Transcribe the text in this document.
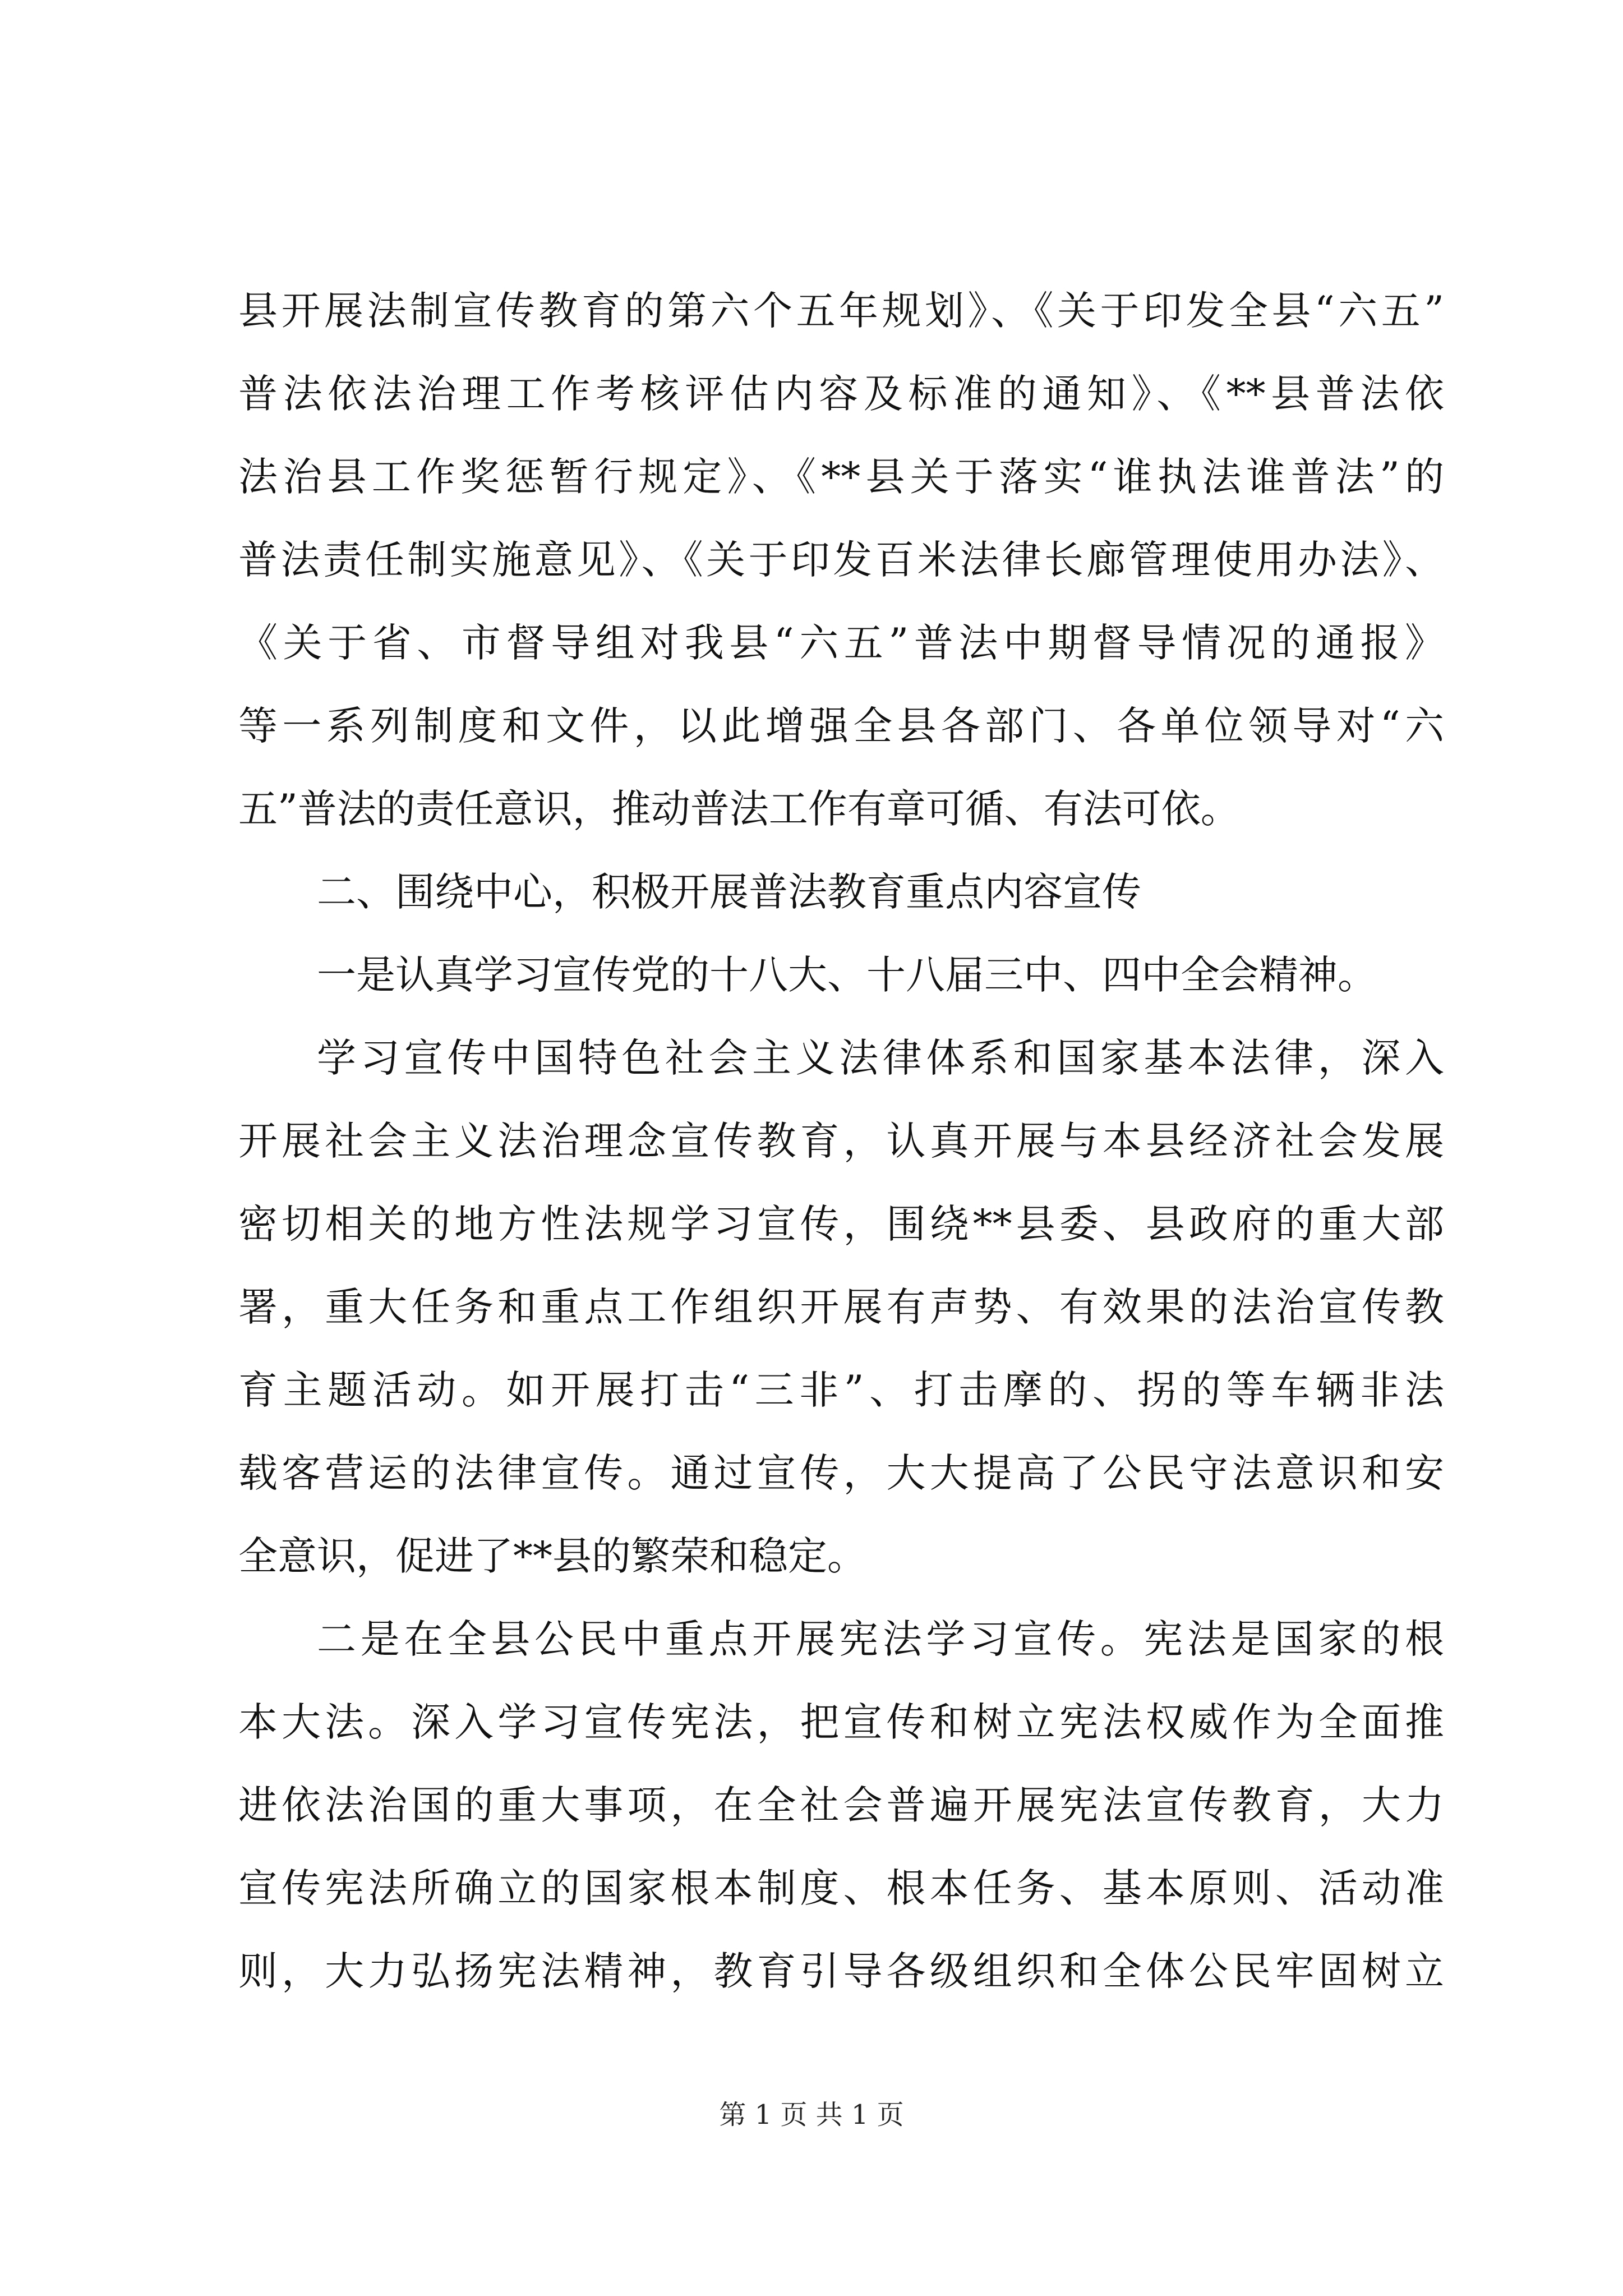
县开展法制宣传教育的第六个五年规划》、《关于印发全县“六五”
普法依法治理工作考核评估内容及标准的通知》、《**县普法依
法治县工作奖惩暂行规定》、《**县关于落实“谁执法谁普法”的
普法责任制实施意见》、《关于印发百米法律长廊管理使用办法》、
《关于省、市督导组对我县“六五”普法中期督导情况的通报》
等一系列制度和文件，以此增强全县各部门、各单位领导对“六
五”普法的责任意识，推动普法工作有章可循、有法可依。
二、围绕中心，积极开展普法教育重点内容宣传
一是认真学习宣传党的十八大、十八届三中、四中全会精神。
学习宣传中国特色社会主义法律体系和国家基本法律，深入
开展社会主义法治理念宣传教育，认真开展与本县经济社会发展
密切相关的地方性法规学习宣传，围绕**县委、县政府的重大部
署，重大任务和重点工作组织开展有声势、有效果的法治宣传教
育主题活动。如开展打击“三非”、打击摩的、拐的等车辆非法
载客营运的法律宣传。通过宣传，大大提高了公民守法意识和安
全意识，促进了**县的繁荣和稳定。
二是在全县公民中重点开展宪法学习宣传。宪法是国家的根
本大法。深入学习宣传宪法，把宣传和树立宪法权威作为全面推
进依法治国的重大事项，在全社会普遍开展宪法宣传教育，大力
宣传宪法所确立的国家根本制度、根本任务、基本原则、活动准
则，大力弘扬宪法精神，教育引导各级组织和全体公民牢固树立
第 1 页 共 1 页
